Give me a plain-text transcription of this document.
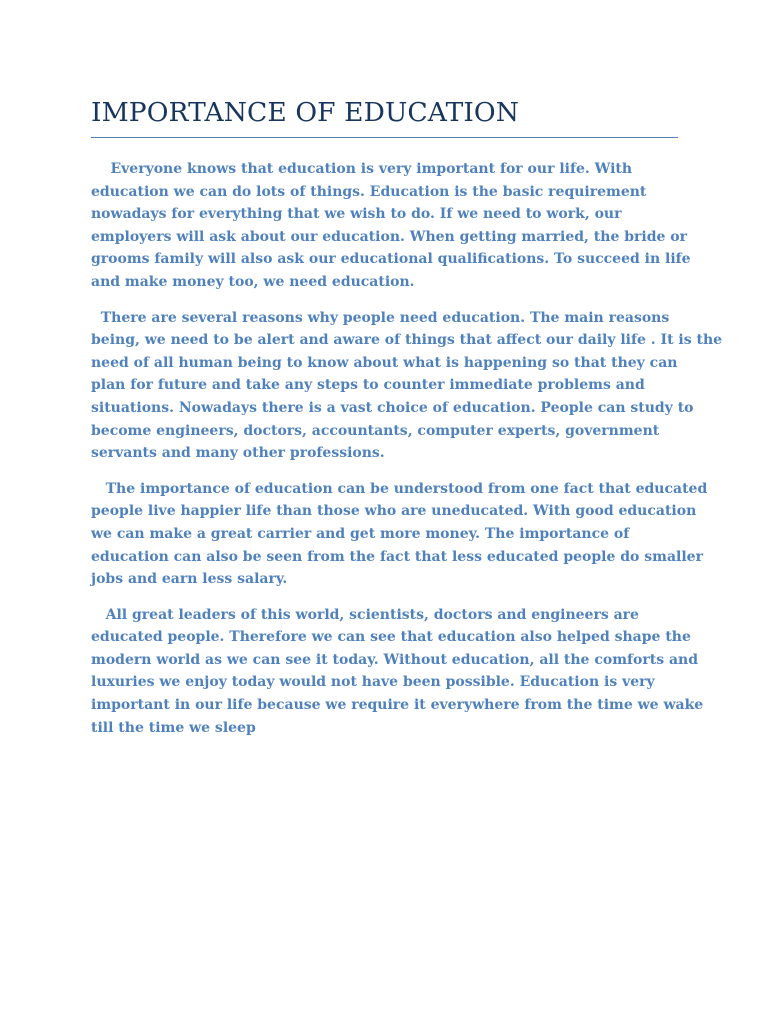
IMPORTANCE OF EDUCATION

Everyone knows that education is very important for our life. With
education we can do lots of things. Education is the basic requirement
nowadays for everything that we wish to do. If we need to work, our
employers will ask about our education. When getting married, the bride or
grooms family will also ask our educational qualifications. To succeed in life
and make money too, we need education.

There are several reasons why people need education. The main reasons
being, we need to be alert and aware of things that affect our daily life . It is the
need of all human being to know about what is happening so that they can
plan for future and take any steps to counter immediate problems and
situations. Nowadays there is a vast choice of education. People can study to
become engineers, doctors, accountants, computer experts, government
servants and many other professions.

The importance of education can be understood from one fact that educated
people live happier life than those who are uneducated. With good education
we can make a great carrier and get more money. The importance of
education can also be seen from the fact that less educated people do smaller
jobs and earn less salary.

All great leaders of this world, scientists, doctors and engineers are
educated people. Therefore we can see that education also helped shape the
modern world as we can see it today. Without education, all the comforts and
luxuries we enjoy today would not have been possible. Education is very
important in our life because we require it everywhere from the time we wake
till the time we sleep
